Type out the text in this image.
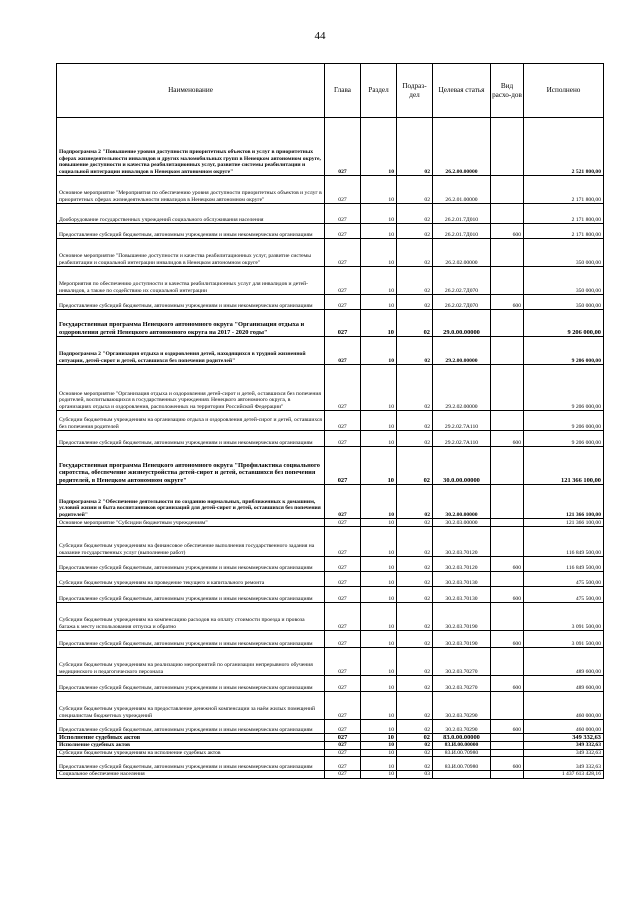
44
Наименование	Глава	Раздел	Подраз-дел	Целевая статья	Вид расхо-дов	Исполнено
Подпрограмма 2 "Повышение уровня доступности приоритетных объектов и услуг в приоритетных сферах жизнедеятельности инвалидов и других маломобильных групп в Ненецком автономном округе, повышение доступности и качества реабилитационных услуг, развитие системы реабилитации и социальной интеграции инвалидов в Ненецком автономном округе"	027	10	02	26.2.00.00000		2 521 800,00
Основное мероприятие "Мероприятия по обеспечению уровня доступности приоритетных объектов и услуг в приоритетных сферах жизнедеятельности инвалидов в Ненецком автономном округе"	027	10	02	26.2.01.00000		2 171 800,00
Дооборудование государственных учреждений социального обслуживания населения	027	10	02	26.2.01.7Д010		2 171 800,00
Предоставление субсидий бюджетным, автономным учреждениям и иным некоммерческим организациям	027	10	02	26.2.01.7Д010	600	2 171 800,00
Основное мероприятие "Повышение доступности и качества реабилитационных услуг, развитие системы реабилитации и социальной интеграции инвалидов в Ненецком автономном округе"	027	10	02	26.2.02.00000		350 000,00
Мероприятия по обеспечению доступности и качества реабилитационных услуг для инвалидов и детей-инвалидов, а также по содействию их социальной интеграции	027	10	02	26.2.02.7Д070		350 000,00
Предоставление субсидий бюджетным, автономным учреждениям и иным некоммерческим организациям	027	10	02	26.2.02.7Д070	600	350 000,00
Государственная программа Ненецкого автономного округа "Организация отдыха и оздоровления детей Ненецкого автономного округа на 2017 - 2020 годы"	027	10	02	29.0.00.00000		9 206 000,00
Подпрограмма 2 "Организация отдыха и оздоровления детей, находящихся в трудной жизненной ситуации, детей-сирот и детей, оставшихся без попечения родителей"	027	10	02	29.2.00.00000		9 206 000,00
Основное мероприятие "Организация отдыха и оздоровления детей-сирот и детей, оставшихся без попечения родителей, воспитывающихся в государственных учреждениях Ненецкого автономного округа, в организациях отдыха и оздоровления, расположенных на территории Российской Федерации"	027	10	02	29.2.02.00000		9 206 000,00
Субсидии бюджетным учреждениям на организацию отдыха и оздоровления детей-сирот и детей, оставшихся без попечения родителей	027	10	02	29.2.02.7А110		9 206 000,00
Предоставление субсидий бюджетным, автономным учреждениям и иным некоммерческим организациям	027	10	02	29.2.02.7А110	600	9 206 000,00
Государственная программа Ненецкого автономного округа "Профилактика социального сиротства, обеспечение жизнеустройства детей-сирот и детей, оставшихся без попечения родителей, в Ненецком автономном округе"	027	10	02	30.0.00.00000		121 366 100,00
Подпрограмма 2 "Обеспечение деятельности по созданию нормальных, приближенных к домашним, условий жизни и быта воспитанников организаций для детей-сирот и детей, оставшихся без попечения родителей"	027	10	02	30.2.00.00000		121 366 100,00
Основное мероприятие "Субсидии бюджетным учреждениям"	027	10	02	30.2.03.00000		121 366 100,00
Субсидии бюджетным учреждениям на финансовое обеспечение выполнения государственного задания на оказание государственных услуг (выполнение работ)	027	10	02	30.2.03.70120		116 849 500,00
Предоставление субсидий бюджетным, автономным учреждениям и иным некоммерческим организациям	027	10	02	30.2.03.70120	600	116 849 500,00
Субсидии бюджетным учреждениям на проведение текущего и капитального ремонта	027	10	02	30.2.03.70130		475 500,00
Предоставление субсидий бюджетным, автономным учреждениям и иным некоммерческим организациям	027	10	02	30.2.03.70130	600	475 500,00
Субсидии бюджетным учреждениям на компенсацию расходов на оплату стоимости проезда и провоза багажа к месту использования отпуска и обратно	027	10	02	30.2.03.70190		3 091 500,00
Предоставление субсидий бюджетным, автономным учреждениям и иным некоммерческим организациям	027	10	02	30.2.03.70190	600	3 091 500,00
Субсидии бюджетным учреждениям на реализацию мероприятий по организации непрерывного обучения медицинского и педагогического персонала	027	10	02	30.2.03.70270		489 600,00
Предоставление субсидий бюджетным, автономным учреждениям и иным некоммерческим организациям	027	10	02	30.2.03.70270	600	489 600,00
Субсидии бюджетным учреждениям на предоставление денежной компенсации за наём жилых помещений специалистам бюджетных учреждений	027	10	02	30.2.03.70290		460 000,00
Предоставление субсидий бюджетным, автономным учреждениям и иным некоммерческим организациям	027	10	02	30.2.03.70290	600	460 000,00
Исполнение судебных актов	027	10	02	83.0.00.00000		349 332,63
Исполнение судебных актов	027	10	02	83.И.00.00000		349 332,63
Субсидии бюджетным учреждениям на исполнение судебных актов	027	10	02	83.И.00.70980		349 332,63
Предоставление субсидий бюджетным, автономным учреждениям и иным некоммерческим организациям	027	10	02	83.И.00.70980	600	349 332,63
Социальное обеспечение населения	027	10	03			1 437 613 428,16
